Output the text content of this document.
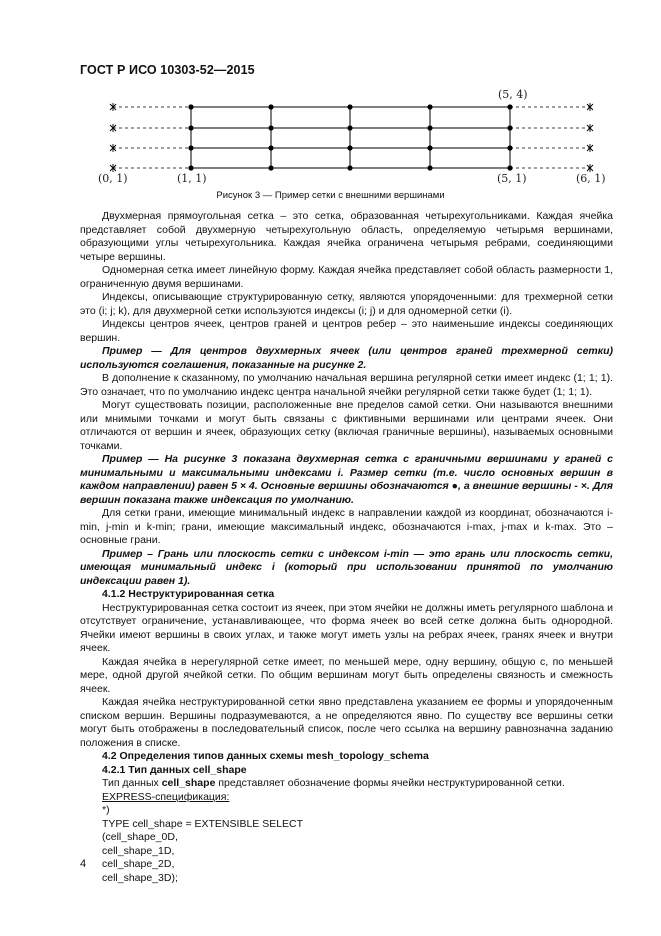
ГОСТ Р ИСО 10303-52—2015
(5, 4)
(0, 1)	(1, 1)	(5, 1)	(6, 1)
Рисунок 3 — Пример сетки с внешними вершинами

Двухмерная прямоугольная сетка – это сетка, образованная четырехугольниками. Каждая ячейка представляет собой двухмерную четырехугольную область, определяемую четырьмя вершинами, образующими углы четырехугольника. Каждая ячейка ограничена четырьмя ребрами, соединяющими четыре вершины.

Одномерная сетка имеет линейную форму. Каждая ячейка представляет собой область размерности 1, ограниченную двумя вершинами.

Индексы, описывающие структурированную сетку, являются упорядоченными: для трехмерной сетки это (i; j; k), для двухмерной сетки используются индексы (i; j) и для одномерной сетки (i).

Индексы центров ячеек, центров граней и центров ребер – это наименьшие индексы соединяющих вершин.

Пример — Для центров двухмерных ячеек (или центров граней трехмерной сетки) используются соглашения, показанные на рисунке 2.

В дополнение к сказанному, по умолчанию начальная вершина регулярной сетки имеет индекс (1; 1; 1). Это означает, что по умолчанию индекс центра начальной ячейки регулярной сетки также будет (1; 1; 1).

Могут существовать позиции, расположенные вне пределов самой сетки. Они называются внешними или мнимыми точками и могут быть связаны с фиктивными вершинами или центрами ячеек. Они отличаются от вершин и ячеек, образующих сетку (включая граничные вершины), называемых основными точками.

Пример — На рисунке 3 показана двухмерная сетка с граничными вершинами у граней с минимальными и максимальными индексами i. Размер сетки (т.е. число основных вершин в каждом направлении) равен 5 × 4. Основные вершины обозначаются ●, а внешние вершины - ×. Для вершин показана также индексация по умолчанию.

Для сетки грани, имеющие минимальный индекс в направлении каждой из координат, обозначаются i-min, j-min и k-min; грани, имеющие максимальный индекс, обозначаются i-max, j-max и k-max. Это – основные грани.

Пример – Грань или плоскость сетки с индексом i-min — это грань или плоскость сетки, имеющая минимальный индекс i (который при использовании принятой по умолчанию индексации равен 1).

4.1.2 Неструктурированная сетка

Неструктурированная сетка состоит из ячеек, при этом ячейки не должны иметь регулярного шаблона и отсутствует ограничение, устанавливающее, что форма ячеек во всей сетке должна быть однородной. Ячейки имеют вершины в своих углах, и также могут иметь узлы на ребрах ячеек, гранях ячеек и внутри ячеек.

Каждая ячейка в нерегулярной сетке имеет, по меньшей мере, одну вершину, общую с, по меньшей мере, одной другой ячейкой сетки. По общим вершинам могут быть определены связность и смежность ячеек.

Каждая ячейка неструктурированной сетки явно представлена указанием ее формы и упорядоченным списком вершин. Вершины подразумеваются, а не определяются явно. По существу все вершины сетки могут быть отображены в последовательный список, после чего ссылка на вершину равнозначна заданию положения в списке.

4.2 Определения типов данных схемы mesh_topology_schema

4.2.1 Тип данных cell_shape

Тип данных cell_shape представляет обозначение формы ячейки неструктурированной сетки.

EXPRESS-спецификация:

*)

TYPE cell_shape = EXTENSIBLE SELECT

(cell_shape_0D,

cell_shape_1D,

cell_shape_2D,

cell_shape_3D);

4
